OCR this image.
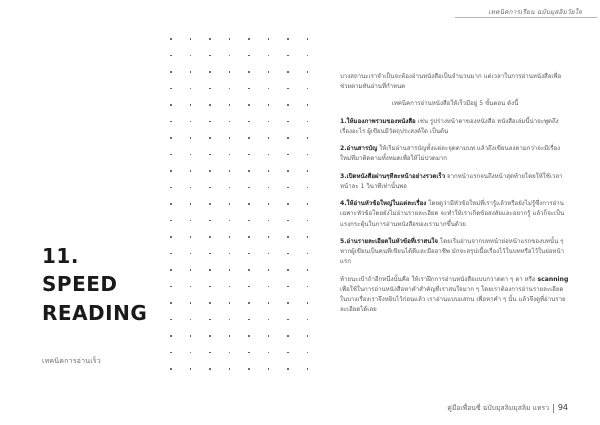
เทคนิคการเรียน ฉบับมุสลิมวัยใจ
11.
SPEED
READING
เทคนิคการอ่านเร็ว

บางสถานะเราจำเป็นจะต้องอ่านหนังสือเป็นจำนวนมาก แต่เวลาในการอ่านหนังสือเพื่อช่วยตามทันอ่านที่กำหนด

เทคนิคการอ่านหนังสือให้เร็วมีอยู่ 5 ขั้นตอน ดังนี้

1.ให้มองภาพรวมของหนังสือ เช่น รูปร่างหน้าตาของหนังสือ หนังสือเล่มนี้น่าจะพูดถึงเรื่องอะไร ผู้เขียนมีวัตถุประสงค์ใด เป็นต้น

2.อ่านสารบัญ ให้เริ่มอ่านสารบัญทั้งแต่ละจุดตามบท แล้วถึงเขียนลงตามกว่าจะมีเรื่องใหม่ที่มาติดตามทั้งหมดเพื่อให้ไม่ปวดมาก

3.เปิดหนังสือผ่านๆทีละหน้าอย่างรวดเร็ว จากหน้าแรกจนถึงหน้าสุดท้ายโดยให้ใช้เวลาหน้าละ 1 วินาทีเท่านั้นพอ

4.ให้อ่านหัวข้อใหญ่ในแต่ละเรื่อง โดยดูว่ามีหัวข้อใหม่ที่เรารู้แล้วหรือยังไม่รู้ซึ่งการอ่านเฉพาะหัวข้อโดยยังไม่อ่านรายละเอียด จะทำให้เราเกิดข้อสงสัยและอยากรู้ แล้วก็จะเป็นแรงกระตุ้นในการอ่านหนังสือของเรามากขึ้นด้วย

5.อ่านรายละเอียดในหัวข้อที่เราสนใจ โดยเริ่มอ่านจากบทหน้าย่อหน้าแรกของบทนั้น ๆ หากผู้เขียนเป็นคนที่เขียนได้ดีและมืออาชีพ มักจะสรุปเนื้อเรื่องไว้ในบทหรือไว้ในย่อหน้าแรก

ท้ายนะเป้าถ้าอีกหนึ่งนั้นคือ ให้เราฝึกการอ่านหนังสือแบบกวาดตา ๆ ตา หรือ scanning เพื่อใช้ในการอ่านหนังสือหาคำสำคัญที่เราสนใจมาก ๆ โดยเราต้องการอ่านรายละเอียดในบางเรื่องเราจึงหยิบไว้ก่อนแล้ว เราอ่านแบบแสกน เพื่อหาคำ ๆ นั้น แล้วจึงดูที่อ่านรายละเอียดได้เลย

คู่มือเพื่อนซี่ ฉบับมุสลิมมุสลิม แทรว 94
